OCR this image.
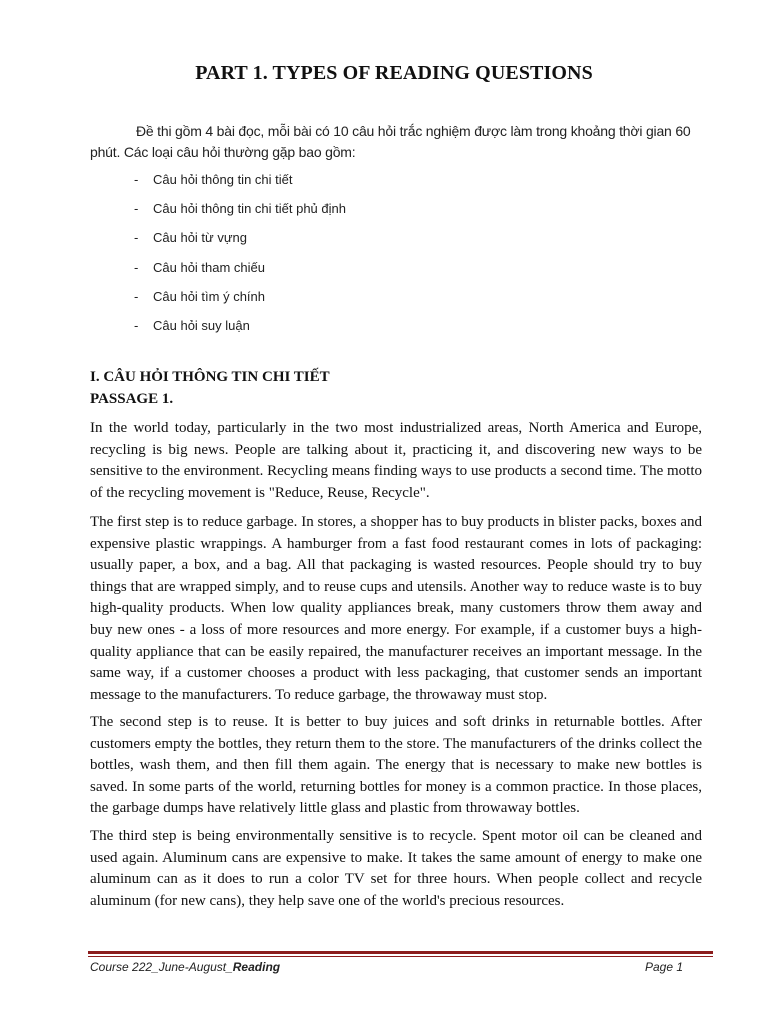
PART 1. TYPES OF READING QUESTIONS
Đề thi gồm 4 bài đọc, mỗi bài có 10 câu hỏi trắc nghiệm được làm trong khoảng thời gian 60 phút. Các loại câu hỏi thường gặp bao gồm:
- Câu hỏi thông tin chi tiết
- Câu hỏi thông tin chi tiết phủ định
- Câu hỏi từ vựng
- Câu hỏi tham chiếu
- Câu hỏi tìm ý chính
- Câu hỏi suy luận
I. CÂU HỎI THÔNG TIN CHI TIẾT
PASSAGE 1.

In the world today, particularly in the two most industrialized areas, North America and Europe, recycling is big news. People are talking about it, practicing it, and discovering new ways to be sensitive to the environment. Recycling means finding ways to use products a second time. The motto of the recycling movement is "Reduce, Reuse, Recycle".

The first step is to reduce garbage. In stores, a shopper has to buy products in blister packs, boxes and expensive plastic wrappings. A hamburger from a fast food restaurant comes in lots of packaging: usually paper, a box, and a bag. All that packaging is wasted resources. People should try to buy things that are wrapped simply, and to reuse cups and utensils. Another way to reduce waste is to buy high-quality products. When low quality appliances break, many customers throw them away and buy new ones - a loss of more resources and more energy. For example, if a customer buys a high-quality appliance that can be easily repaired, the manufacturer receives an important message. In the same way, if a customer chooses a product with less packaging, that customer sends an important message to the manufacturers. To reduce garbage, the throwaway must stop.

The second step is to reuse. It is better to buy juices and soft drinks in returnable bottles. After customers empty the bottles, they return them to the store. The manufacturers of the drinks collect the bottles, wash them, and then fill them again. The energy that is necessary to make new bottles is saved. In some parts of the world, returning bottles for money is a common practice. In those places, the garbage dumps have relatively little glass and plastic from throwaway bottles.

The third step is being environmentally sensitive is to recycle. Spent motor oil can be cleaned and used again. Aluminum cans are expensive to make. It takes the same amount of energy to make one aluminum can as it does to run a color TV set for three hours. When people collect and recycle aluminum (for new cans), they help save one of the world's precious resources.

Course 222_June-August_Reading	Page 1
